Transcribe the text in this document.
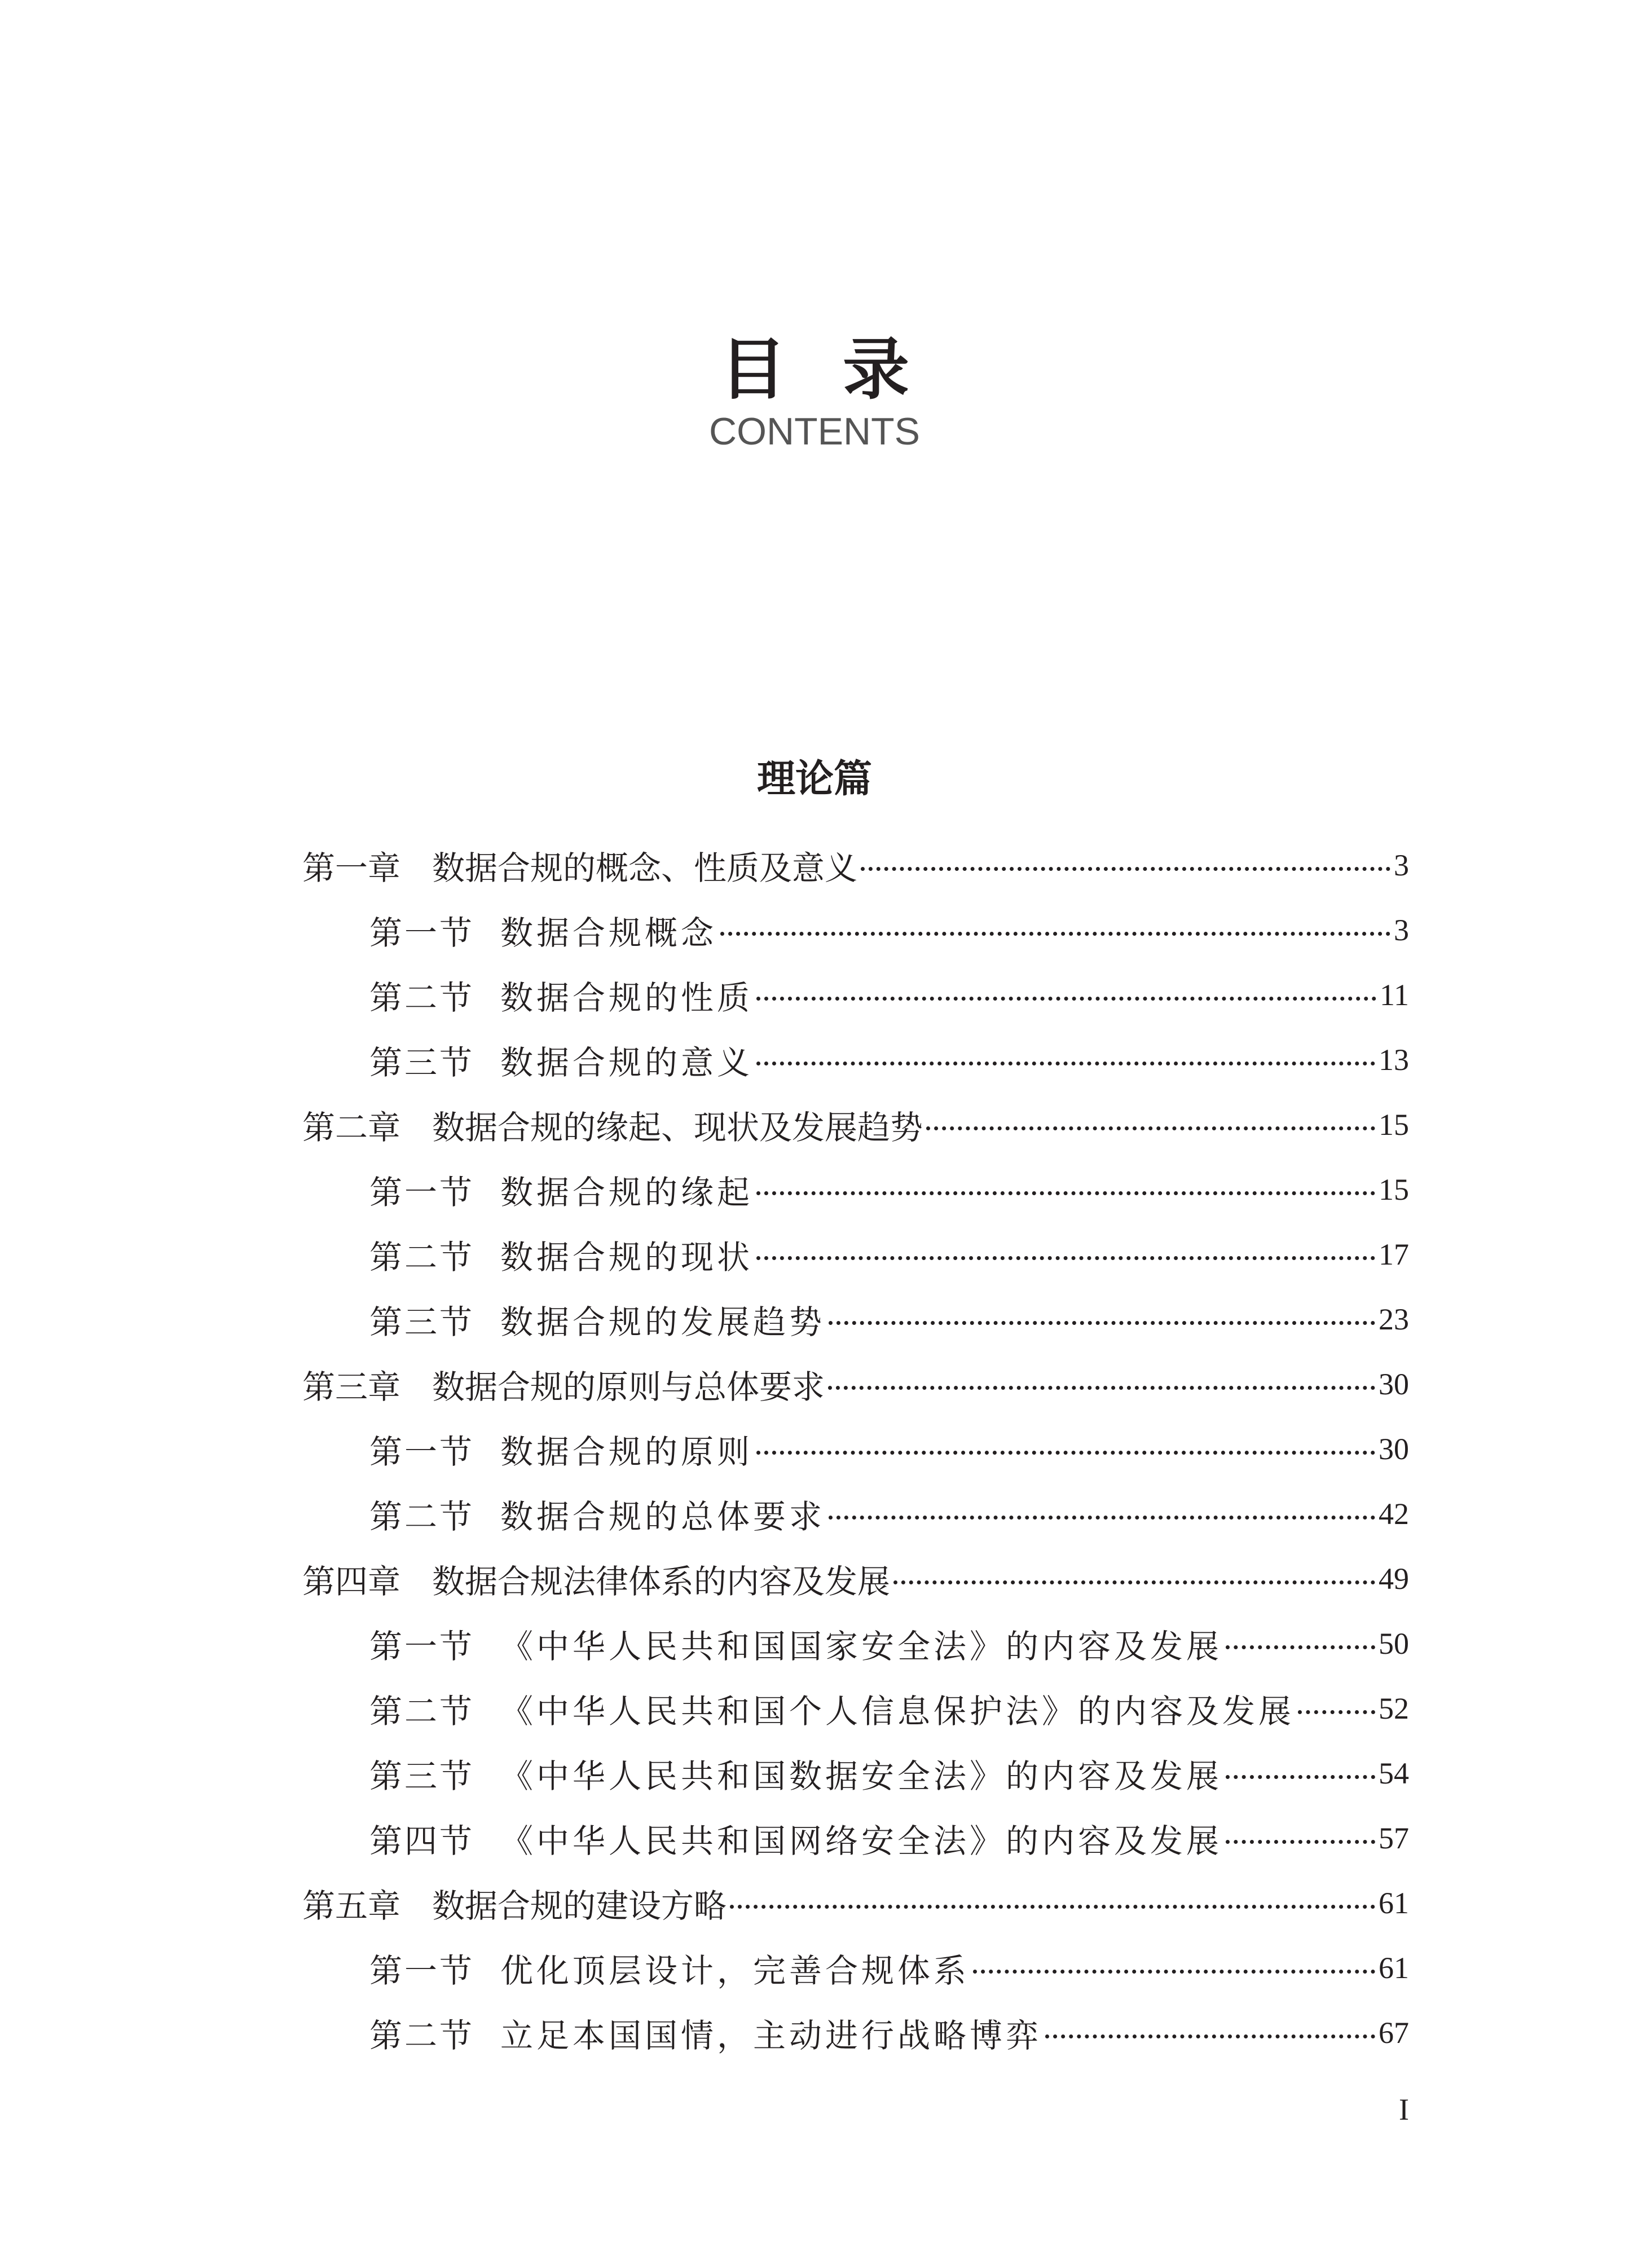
目录
CONTENTS
理论篇
第一章 数据合规的概念、性质及意义	3
第一节 数据合规概念	3
第二节 数据合规的性质	11
第三节 数据合规的意义	13
第二章 数据合规的缘起、现状及发展趋势	15
第一节 数据合规的缘起	15
第二节 数据合规的现状	17
第三节 数据合规的发展趋势	23
第三章 数据合规的原则与总体要求	30
第一节 数据合规的原则	30
第二节 数据合规的总体要求	42
第四章 数据合规法律体系的内容及发展	49
第一节 《中华人民共和国国家安全法》的内容及发展	50
第二节 《中华人民共和国个人信息保护法》的内容及发展	52
第三节 《中华人民共和国数据安全法》的内容及发展	54
第四节 《中华人民共和国网络安全法》的内容及发展	57
第五章 数据合规的建设方略	61
第一节 优化顶层设计，完善合规体系	61
第二节 立足本国国情，主动进行战略博弈	67
I
